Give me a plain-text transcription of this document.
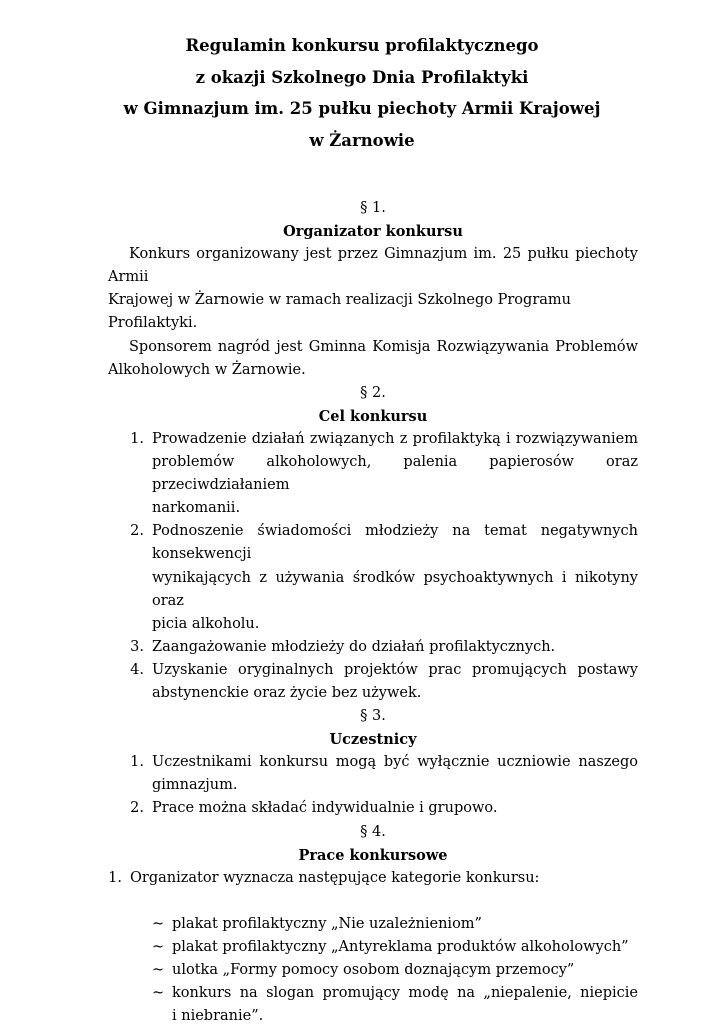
Regulamin konkursu profilaktycznego
z okazji Szkolnego Dnia Profilaktyki
w Gimnazjum im. 25 pułku piechoty Armii Krajowej
w Żarnowie
§ 1.
Organizator konkursu
Konkurs organizowany jest przez Gimnazjum im. 25 pułku piechoty Armii
Krajowej w Żarnowie w ramach realizacji Szkolnego Programu Profilaktyki.
Sponsorem nagród jest Gminna Komisja Rozwiązywania Problemów
Alkoholowych w Żarnowie.
§ 2.
Cel konkursu
1. Prowadzenie działań związanych z profilaktyką i rozwiązywaniem
problemów alkoholowych, palenia papierosów oraz przeciwdziałaniem
narkomanii.
2. Podnoszenie świadomości młodzieży na temat negatywnych konsekwencji
wynikających z używania środków psychoaktywnych i nikotyny oraz
picia alkoholu.
3. Zaangażowanie młodzieży do działań profilaktycznych.
4. Uzyskanie oryginalnych projektów prac promujących postawy
abstynenckie oraz życie bez używek.
§ 3.
Uczestnicy
1. Uczestnikami konkursu mogą być wyłącznie uczniowie naszego
gimnazjum.
2. Prace można składać indywidualnie i grupowo.
§ 4.
Prace konkursowe
1. Organizator wyznacza następujące kategorie konkursu:
~ plakat profilaktyczny „Nie uzależnieniom”
~ plakat profilaktyczny „Antyreklama produktów alkoholowych”
~ ulotka „Formy pomocy osobom doznającym przemocy”
~ konkurs na slogan promujący modę na „niepalenie, niepicie
i niebranie”.
